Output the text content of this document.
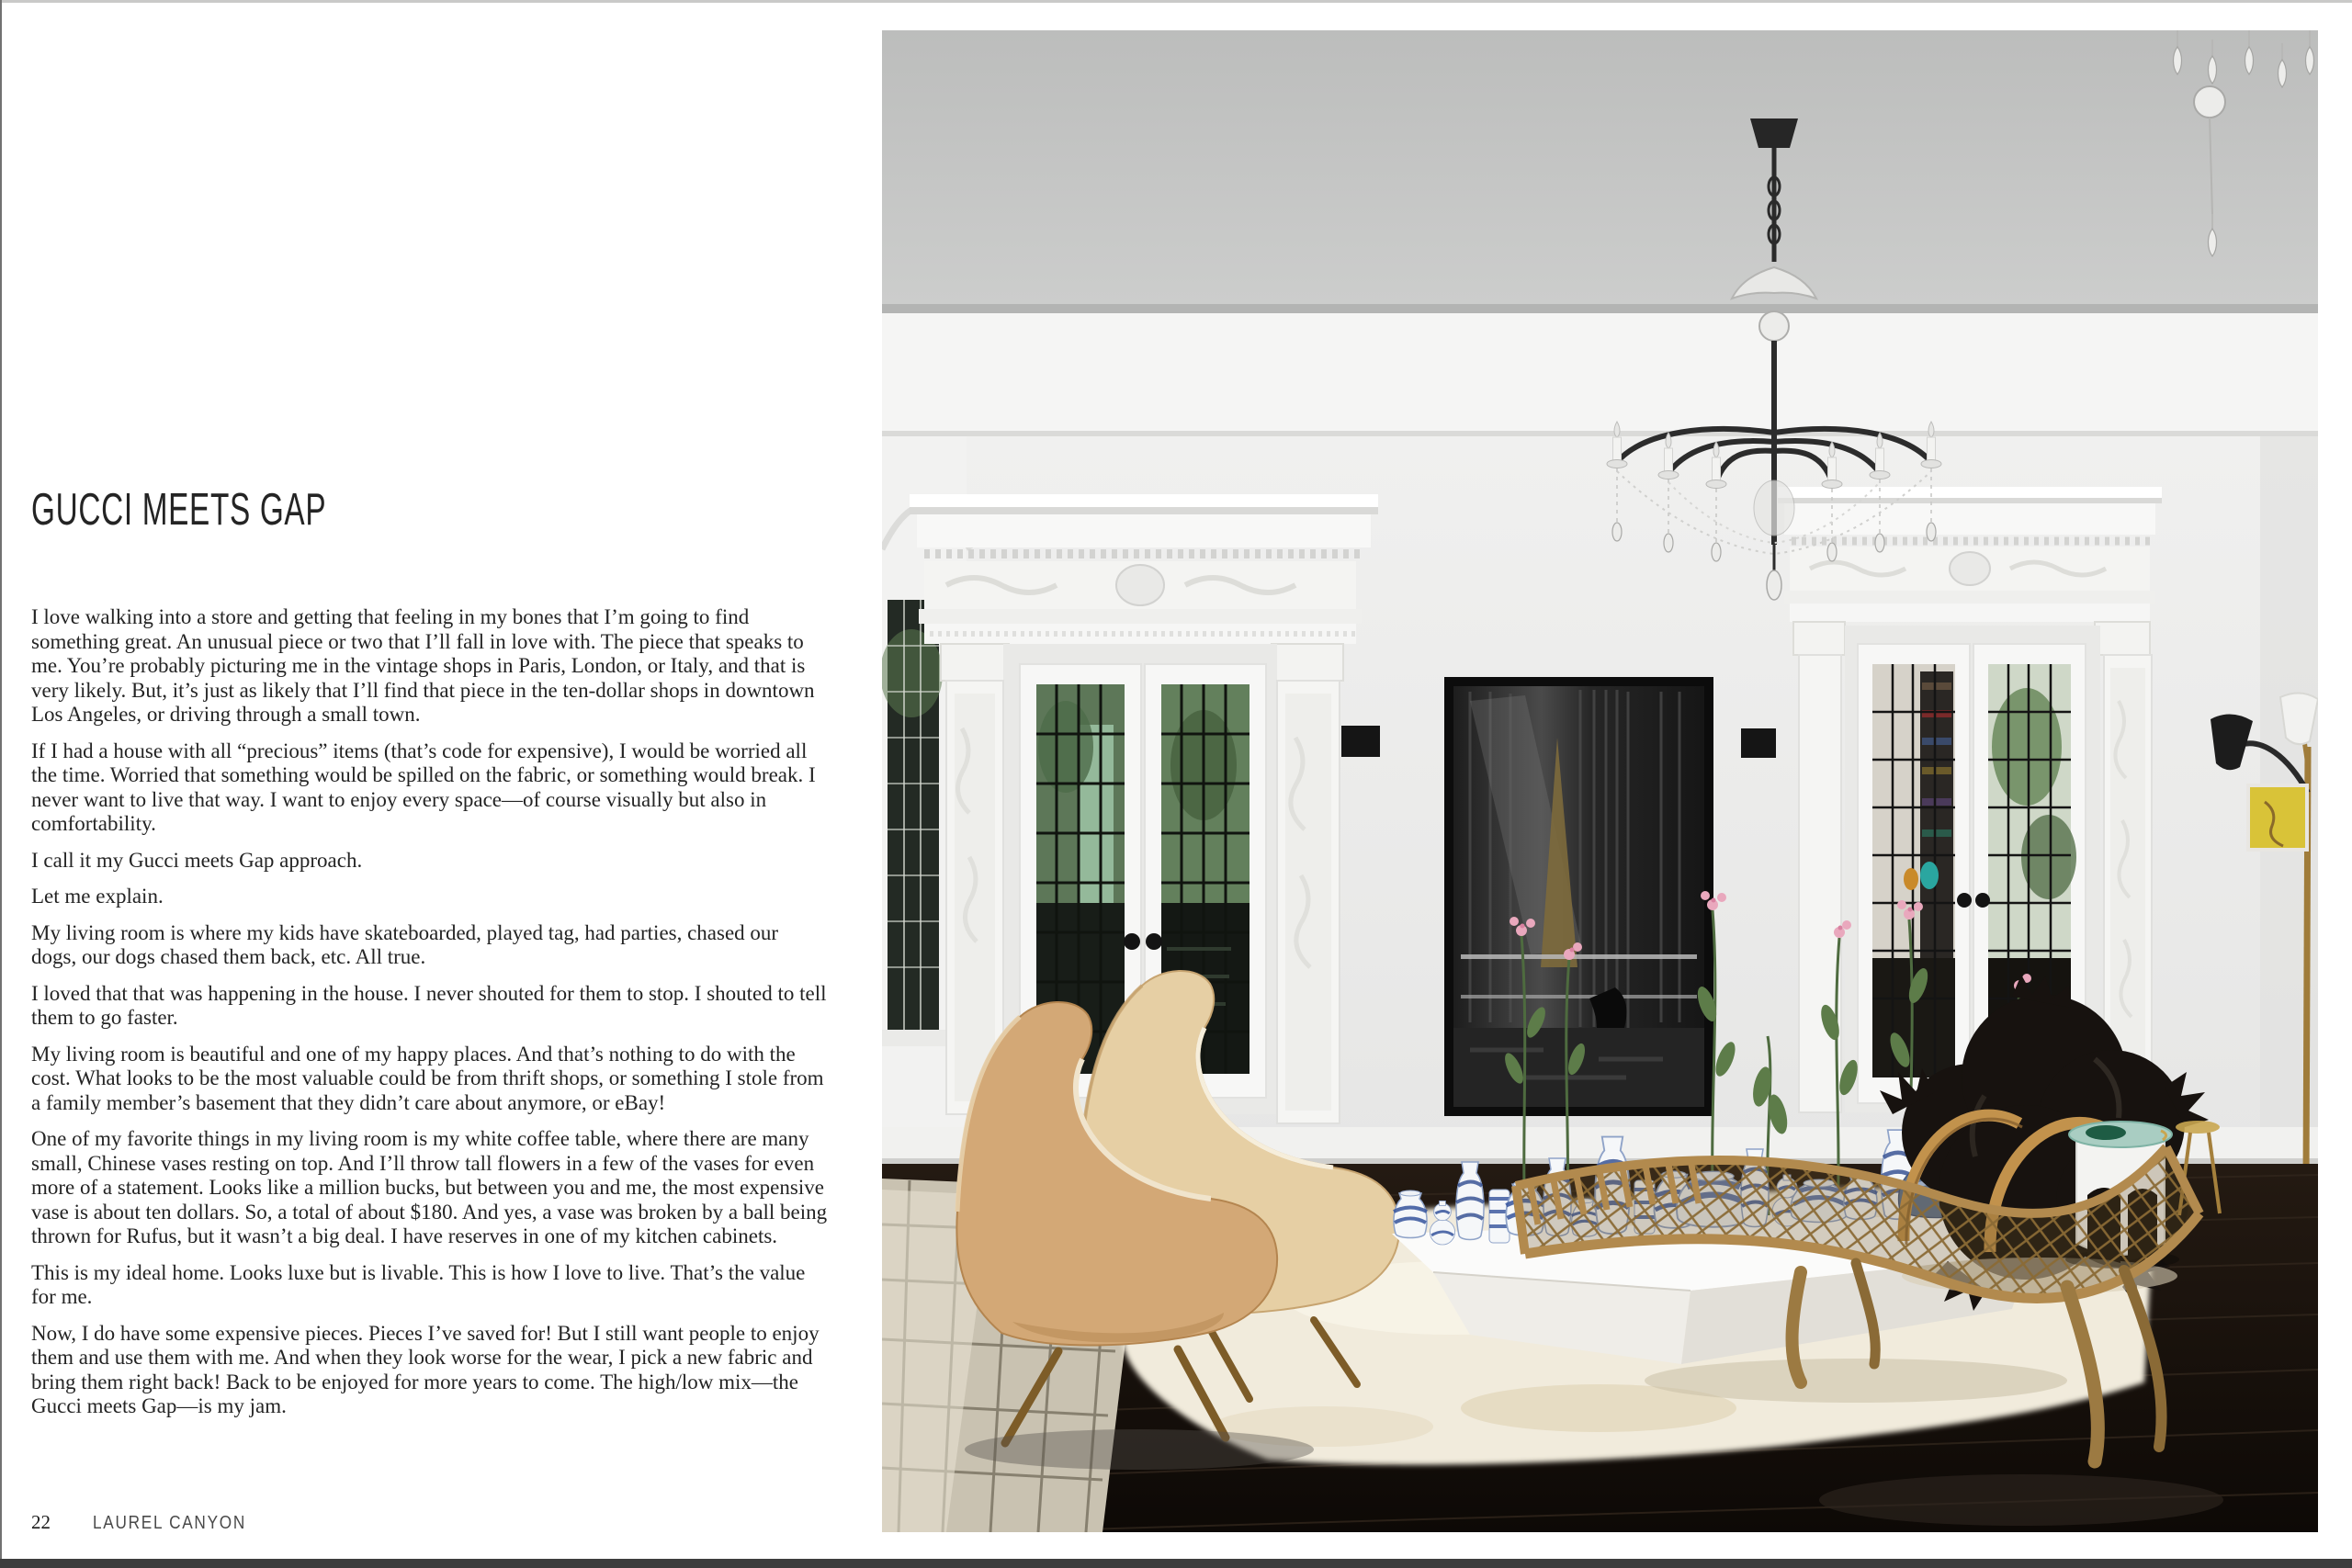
GUCCI MEETS GAP

I love walking into a store and getting that feeling in my bones that I’m going to find something great. An unusual piece or two that I’ll fall in love with. The piece that speaks to me. You’re probably picturing me in the vintage shops in Paris, London, or Italy, and that is very likely. But, it’s just as likely that I’ll find that piece in the ten-dollar shops in downtown Los Angeles, or driving through a small town.

If I had a house with all “precious” items (that’s code for expensive), I would be worried all the time. Worried that something would be spilled on the fabric, or something would break. I never want to live that way. I want to enjoy every space—of course visually but also in comfortability.

I call it my Gucci meets Gap approach.

Let me explain.

My living room is where my kids have skateboarded, played tag, had parties, chased our dogs, our dogs chased them back, etc. All true.

I loved that that was happening in the house. I never shouted for them to stop. I shouted to tell them to go faster.

My living room is beautiful and one of my happy places. And that’s nothing to do with the cost. What looks to be the most valuable could be from thrift shops, or something I stole from a family member’s basement that they didn’t care about anymore, or eBay!

One of my favorite things in my living room is my white coffee table, where there are many small, Chinese vases resting on top. And I’ll throw tall flowers in a few of the vases for even more of a statement. Looks like a million bucks, but between you and me, the most expensive vase is about ten dollars. So, a total of about $180. And yes, a vase was broken by a ball being thrown for Rufus, but it wasn’t a big deal. I have reserves in one of my kitchen cabinets.

This is my ideal home. Looks luxe but is livable. This is how I love to live. That’s the value for me.

Now, I do have some expensive pieces. Pieces I’ve saved for! But I still want people to enjoy them and use them with me. And when they look worse for the wear, I pick a new fabric and bring them right back! Back to be enjoyed for more years to come. The high/low mix—the Gucci meets Gap—is my jam.

22 LAUREL CANYON
